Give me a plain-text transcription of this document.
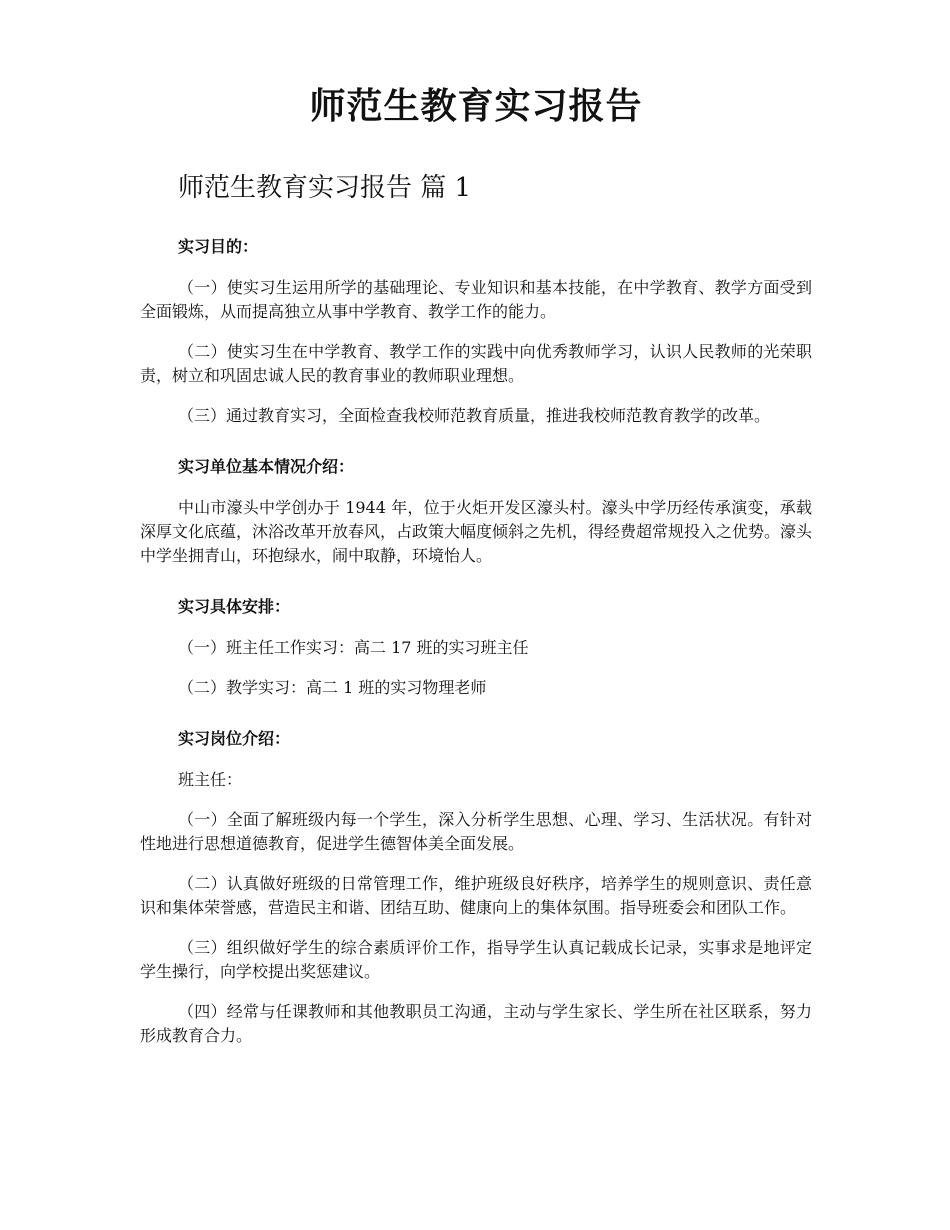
师范生教育实习报告
师范生教育实习报告 篇 1

实习目的：

（一）使实习生运用所学的基础理论、专业知识和基本技能，在中学教育、教学方面受到全面锻炼，从而提高独立从事中学教育、教学工作的能力。

（二）使实习生在中学教育、教学工作的实践中向优秀教师学习，认识人民教师的光荣职责，树立和巩固忠诚人民的教育事业的教师职业理想。

（三）通过教育实习，全面检查我校师范教育质量，推进我校师范教育教学的改革。

实习单位基本情况介绍：

中山市濠头中学创办于 1944 年，位于火炬开发区濠头村。濠头中学历经传承演变，承载深厚文化底蕴，沐浴改革开放春风，占政策大幅度倾斜之先机，得经费超常规投入之优势。濠头中学坐拥青山，环抱绿水，闹中取静，环境怡人。

实习具体安排：

（一）班主任工作实习：高二 17 班的实习班主任

（二）教学实习：高二 1 班的实习物理老师

实习岗位介绍：

班主任：

（一）全面了解班级内每一个学生，深入分析学生思想、心理、学习、生活状况。有针对性地进行思想道德教育，促进学生德智体美全面发展。

（二）认真做好班级的日常管理工作，维护班级良好秩序，培养学生的规则意识、责任意识和集体荣誉感，营造民主和谐、团结互助、健康向上的集体氛围。指导班委会和团队工作。

（三）组织做好学生的综合素质评价工作，指导学生认真记载成长记录，实事求是地评定学生操行，向学校提出奖惩建议。

（四）经常与任课教师和其他教职员工沟通，主动与学生家长、学生所在社区联系，努力形成教育合力。
